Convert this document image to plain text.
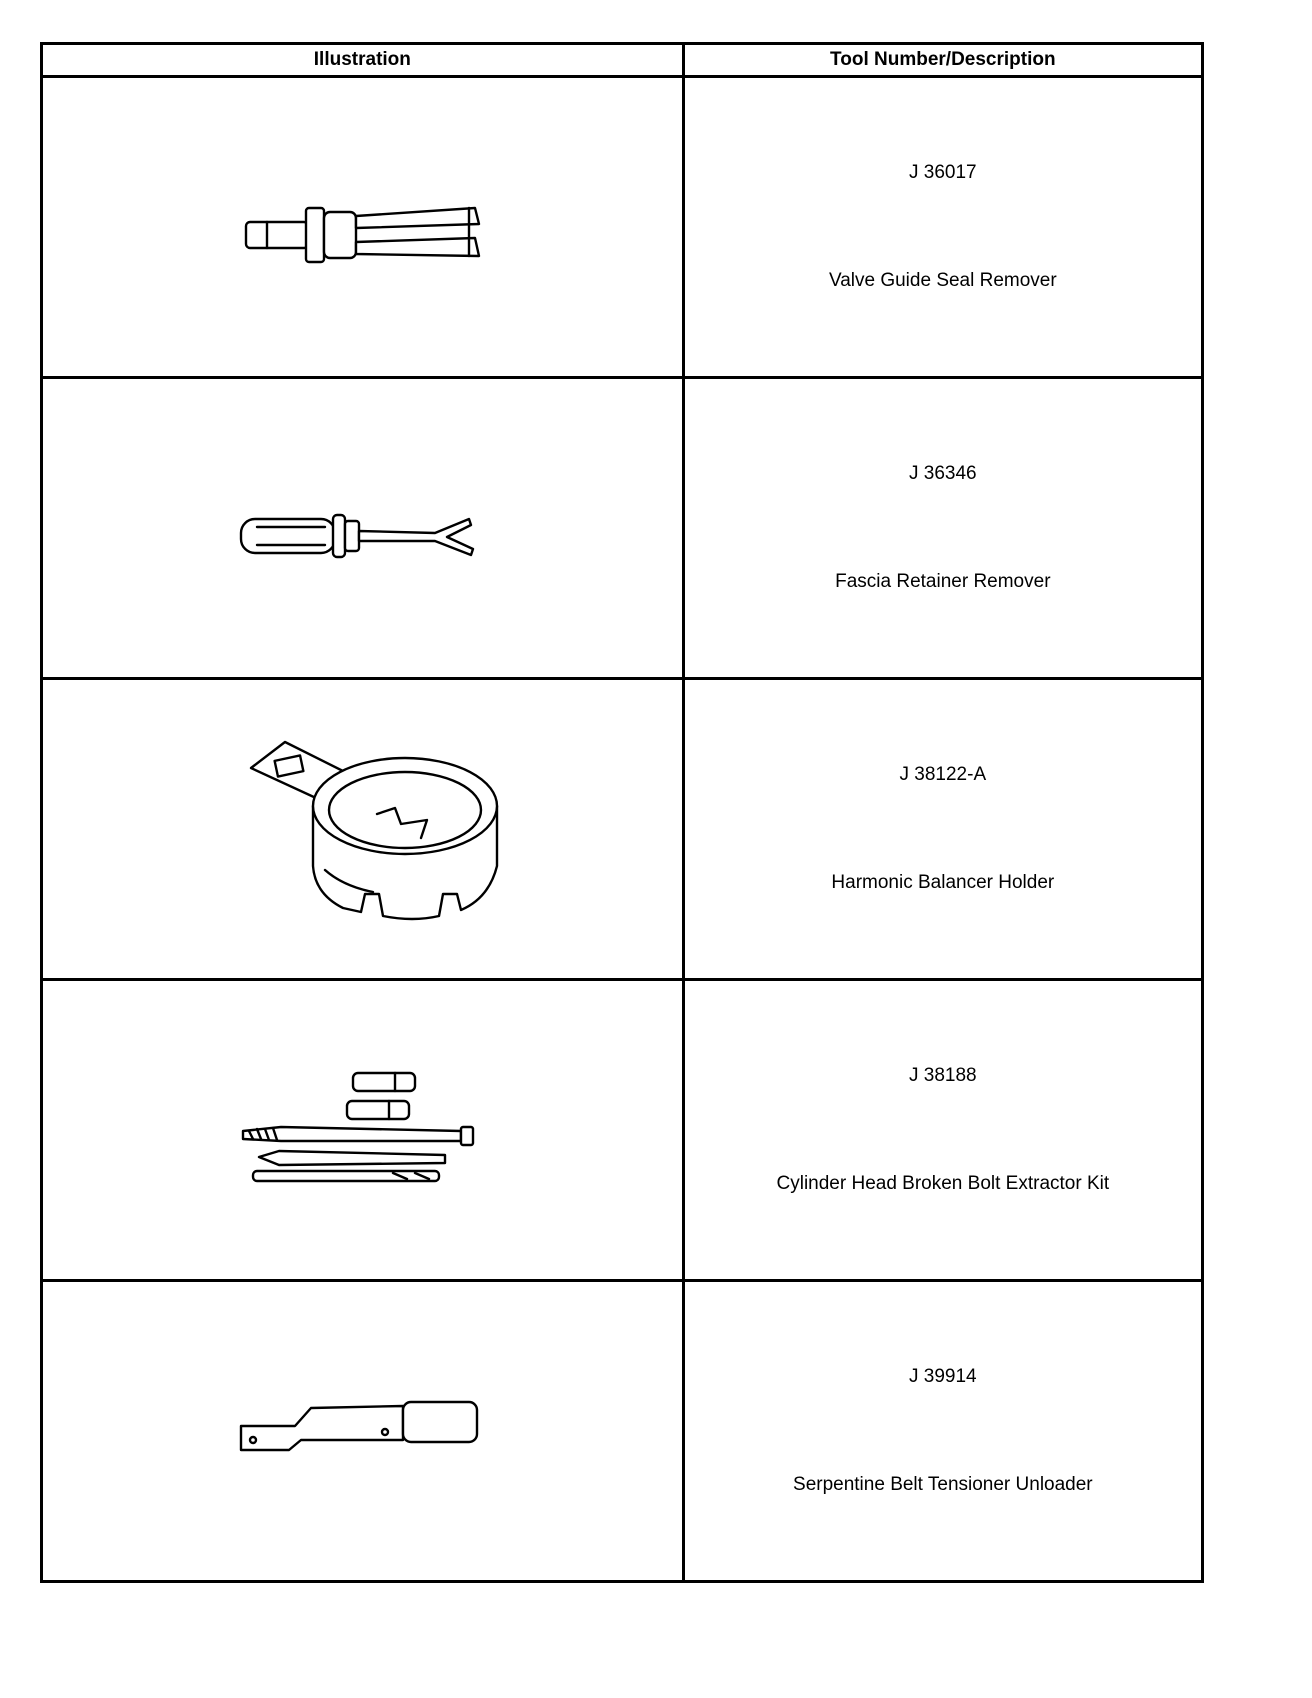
Illustration	Tool Number/Description

J 36017
Valve Guide Seal Remover

J 36346
Fascia Retainer Remover

J 38122-A
Harmonic Balancer Holder

J 38188
Cylinder Head Broken Bolt Extractor Kit

J 39914
Serpentine Belt Tensioner Unloader
